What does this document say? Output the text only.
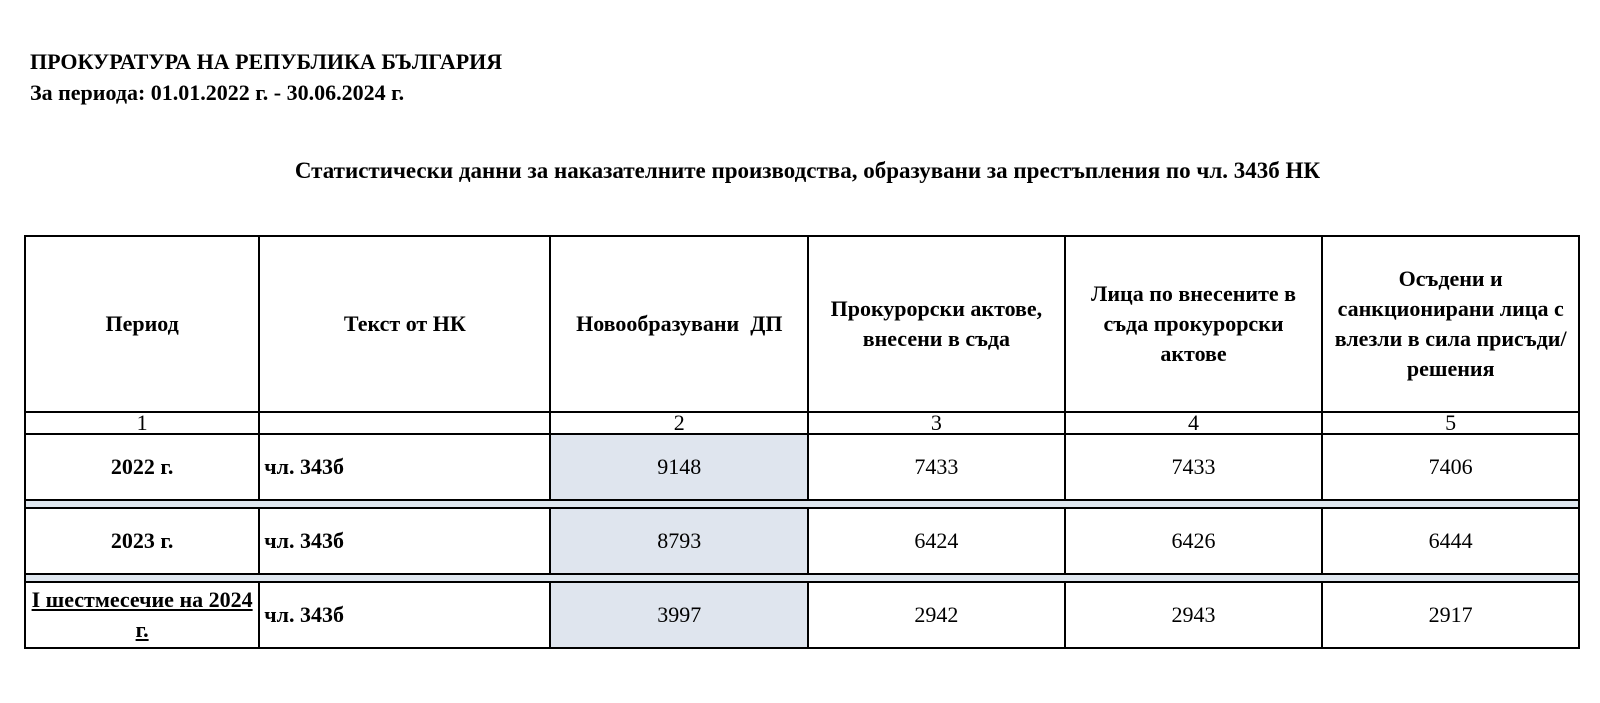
ПРОКУРАТУРА НА РЕПУБЛИКА БЪЛГАРИЯ
За периода: 01.01.2022 г. - 30.06.2024 г.
Статистически данни за наказателните производства, образувани за престъпления по чл. 343б НК
Период	Текст от НК	Новообразувани  ДП	Прокурорски актове, внесени в съда	Лица по внесените в съда прокурорски актове	Осъдени и санкционирани лица с влезли в сила присъди/решения
1		2	3	4	5
2022 г.	чл. 343б	9148	7433	7433	7406

2023 г.	чл. 343б	8793	6424	6426	6444

I шестмесечие на 2024 г.	чл. 343б	3997	2942	2943	2917
